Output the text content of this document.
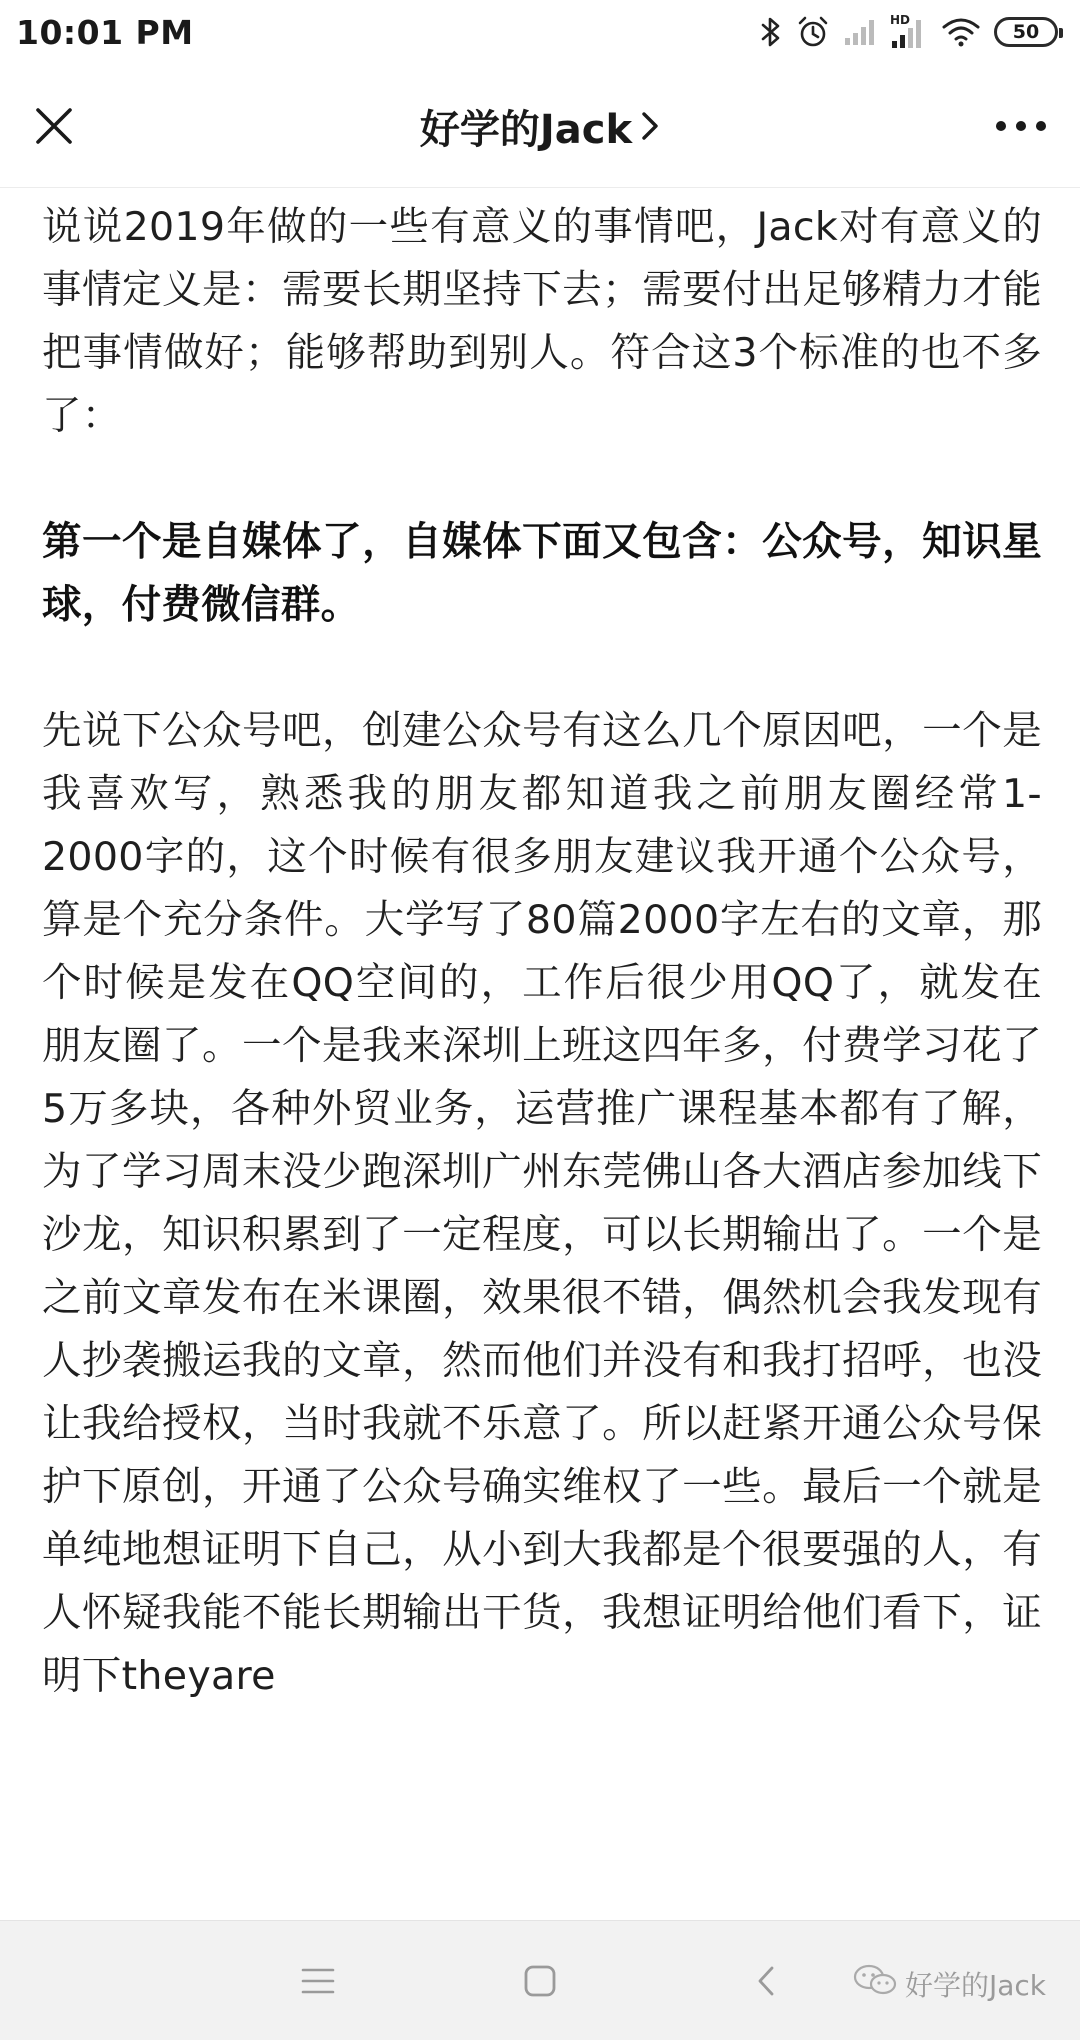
10:01 PM	HD
50
好学的Jack

说说2019年做的一些有意义的事情吧，Jack对有意义的事情定义是：需要长期坚持下去；需要付出足够精力才能把事情做好；能够帮助到别人。符合这3个标准的也不多了：

第一个是自媒体了，自媒体下面又包含：公众号，知识星球，付费微信群。

先说下公众号吧，创建公众号有这么几个原因吧，一个是我喜欢写，熟悉我的朋友都知道我之前朋友圈经常1-2000字的，这个时候有很多朋友建议我开通个公众号，算是个充分条件。大学写了80篇2000字左右的文章，那个时候是发在QQ空间的，工作后很少用QQ了，就发在朋友圈了。一个是我来深圳上班这四年多，付费学习花了5万多块，各种外贸业务，运营推广课程基本都有了解，为了学习周末没少跑深圳广州东莞佛山各大酒店参加线下沙龙，知识积累到了一定程度，可以长期输出了。一个是之前文章发布在米课圈，效果很不错，偶然机会我发现有人抄袭搬运我的文章，然而他们并没有和我打招呼，也没让我给授权，当时我就不乐意了。所以赶紧开通公众号保护下原创，开通了公众号确实维权了一些。最后一个就是单纯地想证明下自己，从小到大我都是个很要强的人，有人怀疑我能不能长期输出干货，我想证明给他们看下，证明下theyare

好学的Jack
